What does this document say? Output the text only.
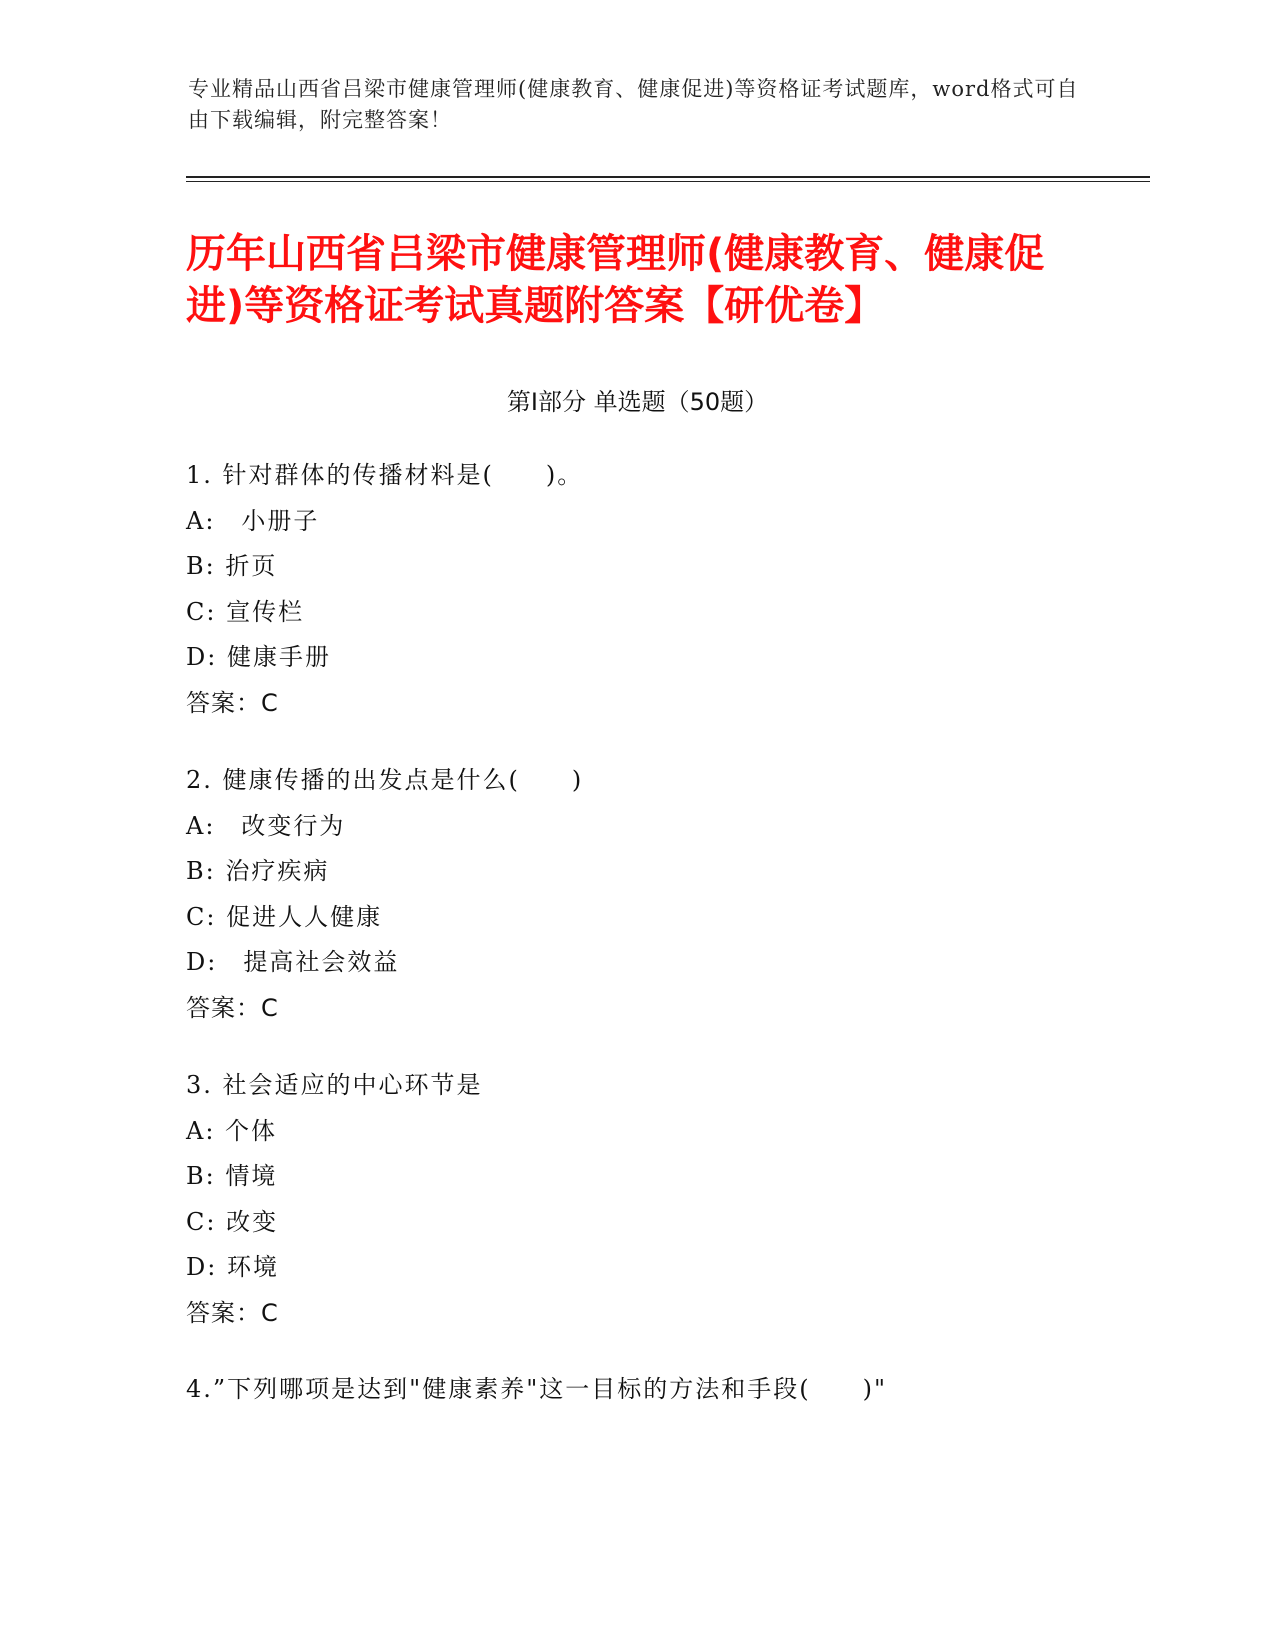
专业精品山西省吕梁市健康管理师(健康教育、健康促进)等资格证考试题库，word格式可自由下载编辑，附完整答案！
历年山西省吕梁市健康管理师(健康教育、健康促进)等资格证考试真题附答案【研优卷】
第Ⅰ部分 单选题（50题）
1. 针对群体的传播材料是(　　)。
A:　小册子
B: 折页
C: 宣传栏
D: 健康手册
答案：C
2. 健康传播的出发点是什么(　　)
A:　改变行为
B: 治疗疾病
C: 促进人人健康
D:　提高社会效益
答案：C
3. 社会适应的中心环节是
A: 个体
B: 情境
C: 改变
D: 环境
答案：C
4.”下列哪项是达到"健康素养"这一目标的方法和手段(　　)"
